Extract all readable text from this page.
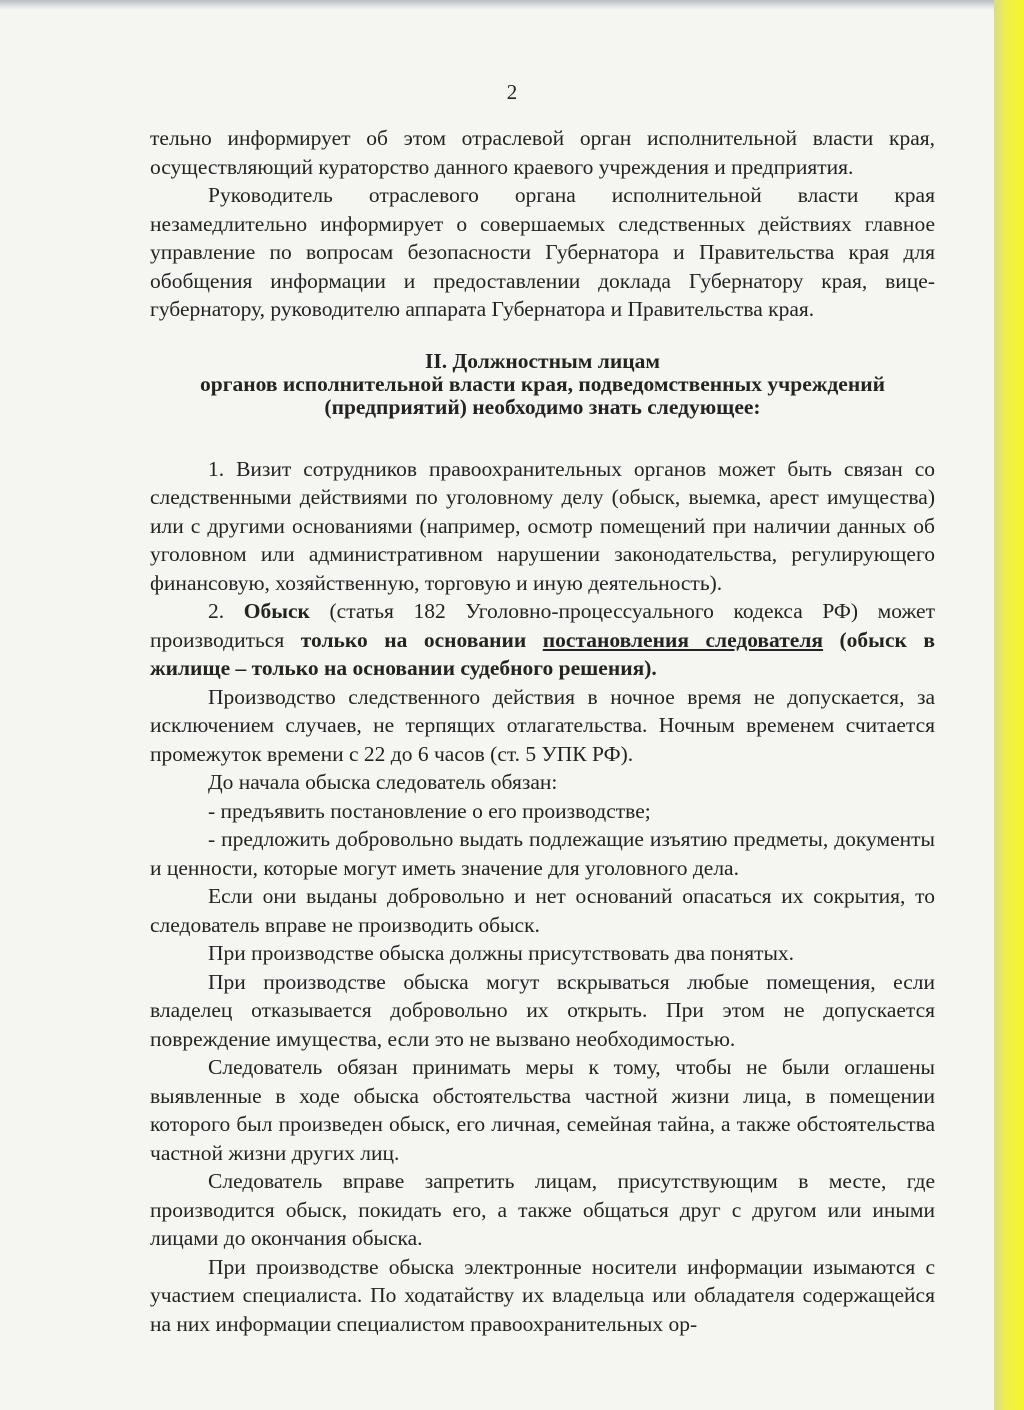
2

тельно информирует об этом отраслевой орган исполнительной власти края, осуществляющий кураторство данного краевого учреждения и предприятия.

Руководитель отраслевого органа исполнительной власти края незамедлительно информирует о совершаемых следственных действиях главное управление по вопросам безопасности Губернатора и Правительства края для обобщения информации и предоставлении доклада Губернатору края, вице-губернатору, руководителю аппарата Губернатора и Правительства края.

II. Должностным лицам
органов исполнительной власти края, подведомственных учреждений
(предприятий) необходимо знать следующее:

1. Визит сотрудников правоохранительных органов может быть связан со следственными действиями по уголовному делу (обыск, выемка, арест имущества) или с другими основаниями (например, осмотр помещений при наличии данных об уголовном или административном нарушении законодательства, регулирующего финансовую, хозяйственную, торговую и иную деятельность).

2. Обыск (статья 182 Уголовно-процессуального кодекса РФ) может производиться только на основании постановления следователя (обыск в жилище – только на основании судебного решения).

Производство следственного действия в ночное время не допускается, за исключением случаев, не терпящих отлагательства. Ночным временем считается промежуток времени с 22 до 6 часов (ст. 5 УПК РФ).

До начала обыска следователь обязан:

- предъявить постановление о его производстве;

- предложить добровольно выдать подлежащие изъятию предметы, документы и ценности, которые могут иметь значение для уголовного дела.

Если они выданы добровольно и нет оснований опасаться их сокрытия, то следователь вправе не производить обыск.

При производстве обыска должны присутствовать два понятых.

При производстве обыска могут вскрываться любые помещения, если владелец отказывается добровольно их открыть. При этом не допускается повреждение имущества, если это не вызвано необходимостью.

Следователь обязан принимать меры к тому, чтобы не были оглашены выявленные в ходе обыска обстоятельства частной жизни лица, в помещении которого был произведен обыск, его личная, семейная тайна, а также обстоятельства частной жизни других лиц.

Следователь вправе запретить лицам, присутствующим в месте, где производится обыск, покидать его, а также общаться друг с другом или иными лицами до окончания обыска.

При производстве обыска электронные носители информации изымаются с участием специалиста. По ходатайству их владельца или обладателя содержащейся на них информации специалистом правоохранительных ор-
